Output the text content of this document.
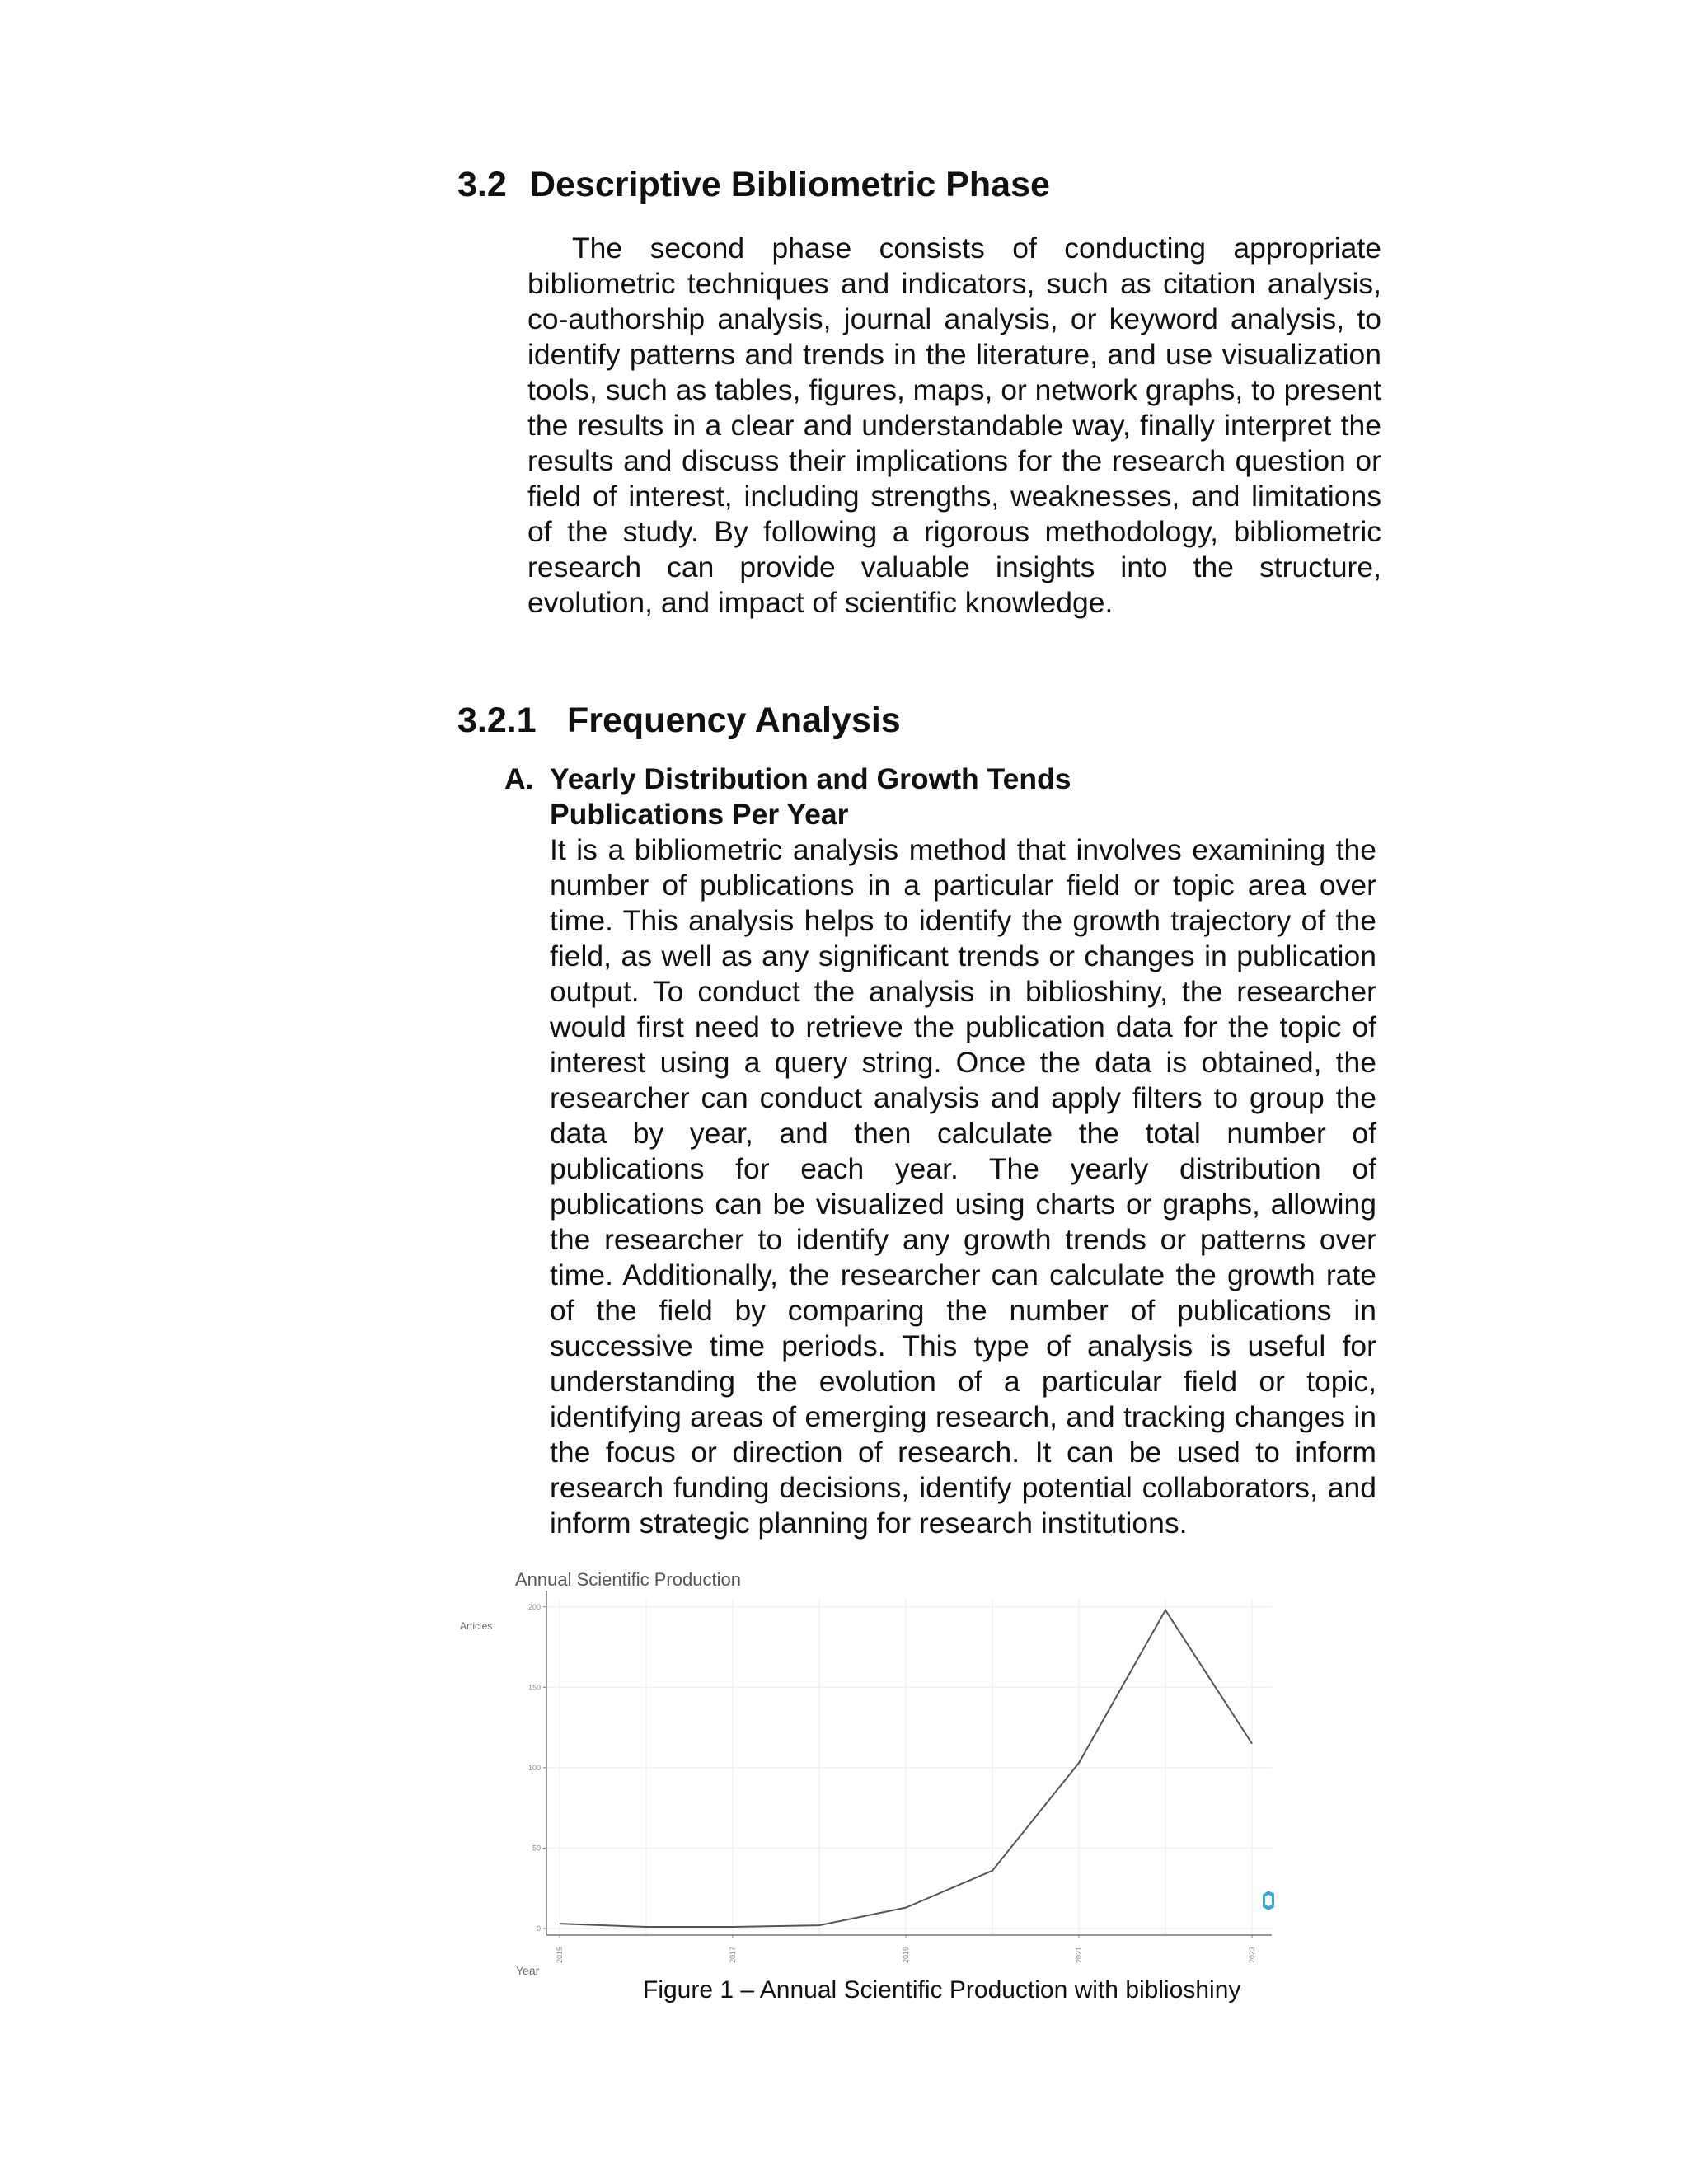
3.2 Descriptive Bibliometric Phase

The second phase consists of conducting appropriate bibliometric techniques and indicators, such as citation analysis, co-authorship analysis, journal analysis, or keyword analysis, to identify patterns and trends in the literature, and use visualization tools, such as tables, figures, maps, or network graphs, to present the results in a clear and understandable way, finally interpret the results and discuss their implications for the research question or field of interest, including strengths, weaknesses, and limitations of the study. By following a rigorous methodology, bibliometric research can provide valuable insights into the structure, evolution, and impact of scientific knowledge.

3.2.1 Frequency Analysis
A. Yearly Distribution and Growth Tends
Publications Per Year

It is a bibliometric analysis method that involves examining the number of publications in a particular field or topic area over time. This analysis helps to identify the growth trajectory of the field, as well as any significant trends or changes in publication output. To conduct the analysis in biblioshiny, the researcher would first need to retrieve the publication data for the topic of interest using a query string. Once the data is obtained, the researcher can conduct analysis and apply filters to group the data by year, and then calculate the total number of publications for each year. The yearly distribution of publications can be visualized using charts or graphs, allowing the researcher to identify any growth trends or patterns over time. Additionally, the researcher can calculate the growth rate of the field by comparing the number of publications in successive time periods. This type of analysis is useful for understanding the evolution of a particular field or topic, identifying areas of emerging research, and tracking changes in the focus or direction of research. It can be used to inform research funding decisions, identify potential collaborators, and inform strategic planning for research institutions.

Annual Scientific Production
Articles
Year
0
50
100
150
200
2015	2017	2019	2021	2023
Figure 1 – Annual Scientific Production with biblioshiny
